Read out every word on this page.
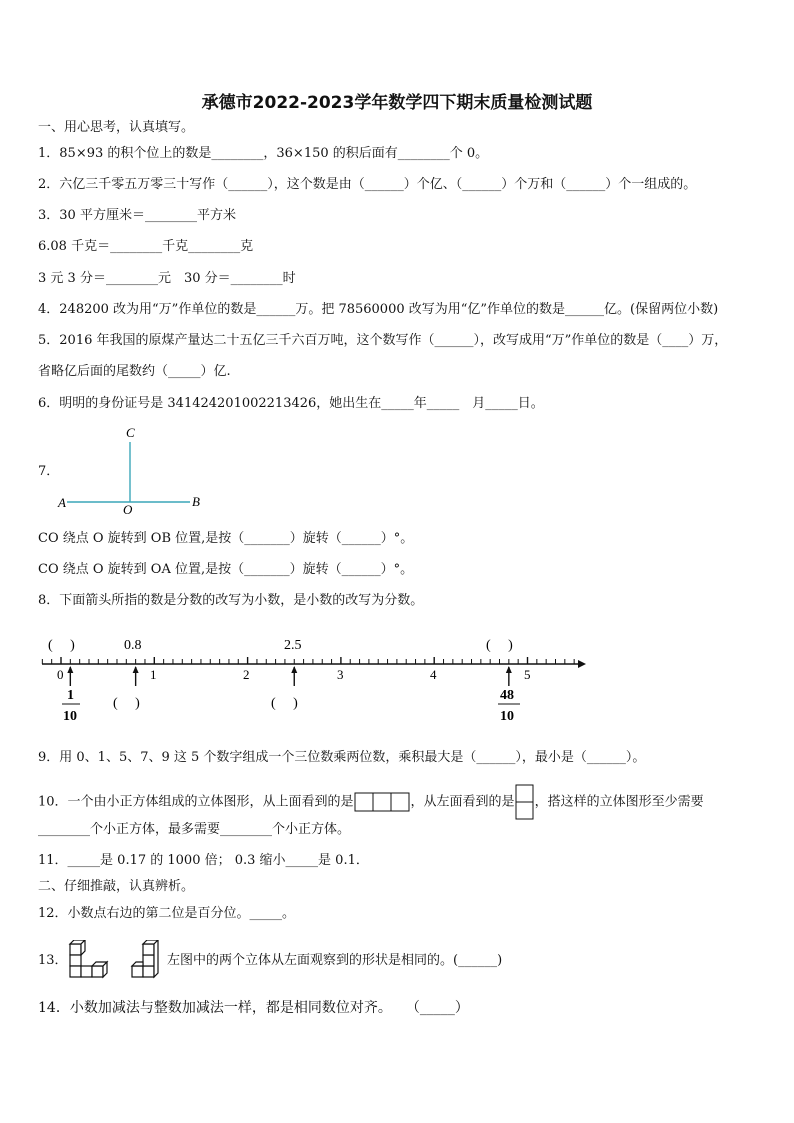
承德市2022-2023学年数学四下期末质量检测试题
一、用心思考，认真填写。
1．85×93 的积个位上的数是________，36×150 的积后面有________个 0。
2．六亿三千零五万零三十写作（______），这个数是由（______）个亿、（______）个万和（______）个一组成的。
3．30 平方厘米＝________平方米
6.08 千克＝________千克________克
3 元 3 分＝________元　30 分＝________时
4．248200 改为用“万”作单位的数是______万。把 78560000 改写为用“亿”作单位的数是______亿。(保留两位小数)
5．2016 年我国的原煤产量达二十五亿三千六百万吨，这个数写作（______），改写成用“万”作单位的数是（____）万，
省略亿后面的尾数约（_____）亿.
6．明明的身份证号是 341424201002213426，她出生在_____年_____　月_____日。
7．
C
A	O
B
CO 绕点 O 旋转到 OB 位置,是按（_______）旋转（______）°。
CO 绕点 O 旋转到 OA 位置,是按（_______）旋转（______）°。
8．下面箭头所指的数是分数的改写为小数，是小数的改写为分数。
(　 )	0.8	2.5	(　 )
0	1	2	3	4	5
1
10
(　 )	(　 )
48
10
9．用 0、1、5、7、9 这 5 个数字组成一个三位数乘两位数，乘积最大是（______），最小是（______）。
10．一个由小正方体组成的立体图形，从上面看到的是	，从左面看到的是 ，搭这样的立体图形至少需要
________个小正方体，最多需要________个小正方体。
11．_____是 0.17 的 1000 倍； 0.3 缩小_____是 0.1．
二、仔细推敲，认真辨析。
12．小数点右边的第二位是百分位。_____。
13．	左图中的两个立体从左面观察到的形状是相同的。(______)
14．小数加减法与整数加减法一样，都是相同数位对齐。　　（_____）
